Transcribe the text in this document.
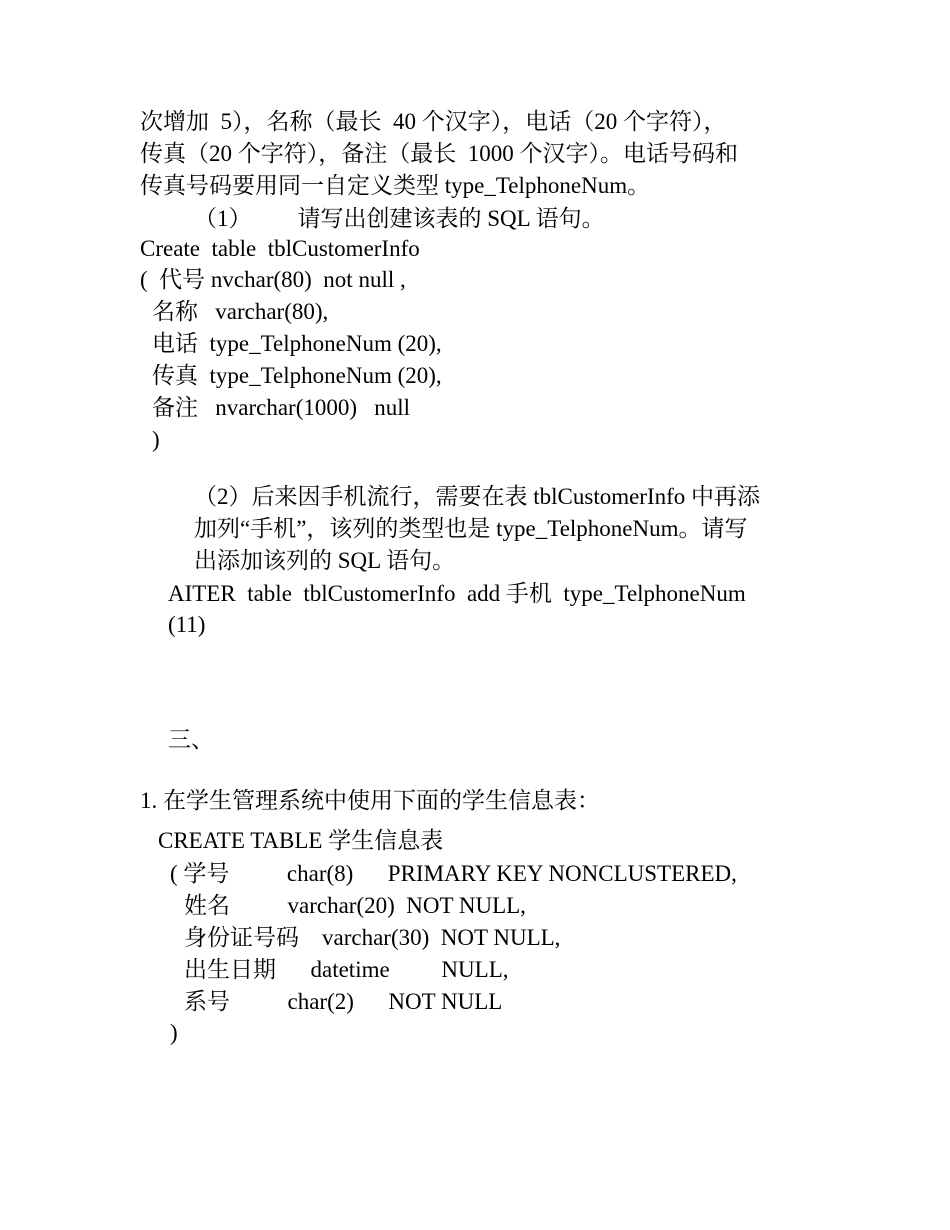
次增加  5），名称（最长  40 个汉字），电话（20 个字符），
传真（20 个字符），备注（最长  1000 个汉字）。电话号码和
传真号码要用同一自定义类型 type_TelphoneNum。
（1）        请写出创建该表的 SQL 语句。
Create  table  tblCustomerInfo
(  代号 nvchar(80)  not null ,
名称   varchar(80),
电话  type_TelphoneNum (20),
传真  type_TelphoneNum (20),
备注   nvarchar(1000)   null
)
（2）后来因手机流行，需要在表 tblCustomerInfo 中再添
加列“手机”，该列的类型也是 type_TelphoneNum。请写
出添加该列的 SQL 语句。
AITER  table  tblCustomerInfo  add 手机  type_TelphoneNum
(11)
三、
1. 在学生管理系统中使用下面的学生信息表：
CREATE TABLE 学生信息表
( 学号          char(8)      PRIMARY KEY NONCLUSTERED,
姓名          varchar(20)  NOT NULL,
身份证号码    varchar(30)  NOT NULL,
出生日期      datetime         NULL,
系号          char(2)      NOT NULL
)
